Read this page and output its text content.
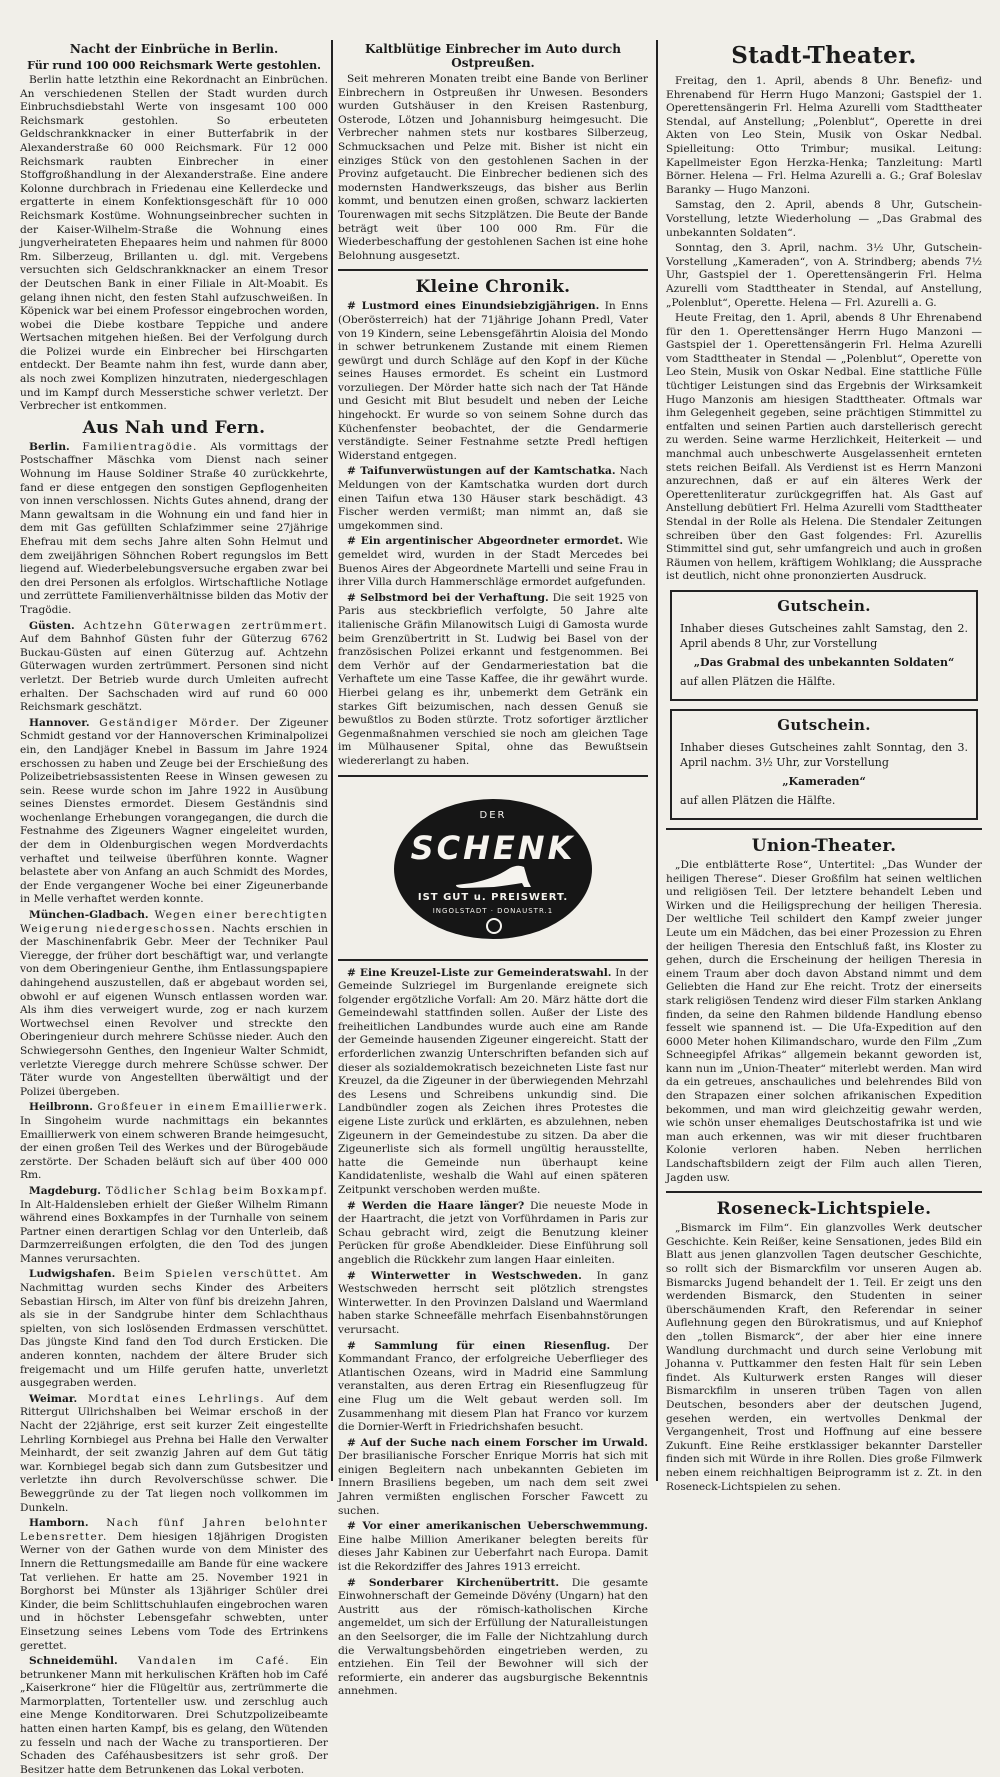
Nacht der Einbrüche in Berlin.
Für rund 100 000 Reichsmark Werte gestohlen.

Berlin hatte letzthin eine Rekordnacht an Einbrüchen. An verschiedenen Stellen der Stadt wurden durch Einbruchsdiebstahl Werte von insgesamt 100 000 Reichsmark gestohlen. So erbeuteten Geldschrankknacker in einer Butterfabrik in der Alexanderstraße 60 000 Reichsmark. Für 12 000 Reichsmark raubten Einbrecher in einer Stoffgroßhandlung in der Alexanderstraße. Eine andere Kolonne durchbrach in Friedenau eine Kellerdecke und ergatterte in einem Konfektionsgeschäft für 10 000 Reichsmark Kostüme. Wohnungseinbrecher suchten in der Kaiser-Wilhelm-Straße die Wohnung eines jungverheirateten Ehepaares heim und nahmen für 8000 Rm. Silberzeug, Brillanten u. dgl. mit. Vergebens versuchten sich Geldschrankknacker an einem Tresor der Deutschen Bank in einer Filiale in Alt-Moabit. Es gelang ihnen nicht, den festen Stahl aufzuschweißen. In Köpenick war bei einem Professor eingebrochen worden, wobei die Diebe kostbare Teppiche und andere Wertsachen mitgehen hießen. Bei der Verfolgung durch die Polizei wurde ein Einbrecher bei Hirschgarten entdeckt. Der Beamte nahm ihn fest, wurde dann aber, als noch zwei Komplizen hinzutraten, niedergeschlagen und im Kampf durch Messerstiche schwer verletzt. Der Verbrecher ist entkommen.

Aus Nah und Fern.

Berlin. Familientragödie. Als vormittags der Postschaffner Mäschka vom Dienst nach seiner Wohnung im Hause Soldiner Straße 40 zurückkehrte, fand er diese entgegen den sonstigen Gepflogenheiten von innen verschlossen. Nichts Gutes ahnend, drang der Mann gewaltsam in die Wohnung ein und fand hier in dem mit Gas gefüllten Schlafzimmer seine 27jährige Ehefrau mit dem sechs Jahre alten Sohn Helmut und dem zweijährigen Söhnchen Robert regungslos im Bett liegend auf. Wiederbelebungsversuche ergaben zwar bei den drei Personen als erfolglos. Wirtschaftliche Notlage und zerrüttete Familienverhältnisse bilden das Motiv der Tragödie.

Güsten. Achtzehn Güterwagen zertrümmert. Auf dem Bahnhof Güsten fuhr der Güterzug 6762 Buckau-Güsten auf einen Güterzug auf. Achtzehn Güterwagen wurden zertrümmert. Personen sind nicht verletzt. Der Betrieb wurde durch Umleiten aufrecht erhalten. Der Sachschaden wird auf rund 60 000 Reichsmark geschätzt.

Hannover. Geständiger Mörder. Der Zigeuner Schmidt gestand vor der Hannoverschen Kriminalpolizei ein, den Landjäger Knebel in Bassum im Jahre 1924 erschossen zu haben und Zeuge bei der Erschießung des Polizeibetriebsassistenten Reese in Winsen gewesen zu sein. Reese wurde schon im Jahre 1922 in Ausübung seines Dienstes ermordet. Diesem Geständnis sind wochenlange Erhebungen vorangegangen, die durch die Festnahme des Zigeuners Wagner eingeleitet wurden, der dem in Oldenburgischen wegen Mordverdachts verhaftet und teilweise überführen konnte. Wagner belastete aber von Anfang an auch Schmidt des Mordes, der Ende vergangener Woche bei einer Zigeunerbande in Melle verhaftet werden konnte.

München-Gladbach. Wegen einer berechtigten Weigerung niedergeschossen. Nachts erschien in der Maschinenfabrik Gebr. Meer der Techniker Paul Vieregge, der früher dort beschäftigt war, und verlangte von dem Oberingenieur Genthe, ihm Entlassungspapiere dahingehend auszustellen, daß er abgebaut worden sei, obwohl er auf eigenen Wunsch entlassen worden war. Als ihm dies verweigert wurde, zog er nach kurzem Wortwechsel einen Revolver und streckte den Oberingenieur durch mehrere Schüsse nieder. Auch den Schwiegersohn Genthes, den Ingenieur Walter Schmidt, verletzte Vieregge durch mehrere Schüsse schwer. Der Täter wurde von Angestellten überwältigt und der Polizei übergeben.

Heilbronn. Großfeuer in einem Emaillierwerk. In Singoheim wurde nachmittags ein bekanntes Emaillierwerk von einem schweren Brande heimgesucht, der einen großen Teil des Werkes und der Bürogebäude zerstörte. Der Schaden beläuft sich auf über 400 000 Rm.

Magdeburg. Tödlicher Schlag beim Boxkampf. In Alt-Haldensleben erhielt der Gießer Wilhelm Rimann während eines Boxkampfes in der Turnhalle von seinem Partner einen derartigen Schlag vor den Unterleib, daß Darmzerreißungen erfolgten, die den Tod des jungen Mannes verursachten.

Ludwigshafen. Beim Spielen verschüttet. Am Nachmittag wurden sechs Kinder des Arbeiters Sebastian Hirsch, im Alter von fünf bis dreizehn Jahren, als sie in der Sandgrube hinter dem Schlachthaus spielten, von sich loslösenden Erdmassen verschüttet. Das jüngste Kind fand den Tod durch Ersticken. Die anderen konnten, nachdem der ältere Bruder sich freigemacht und um Hilfe gerufen hatte, unverletzt ausgegraben werden.

Weimar. Mordtat eines Lehrlings. Auf dem Rittergut Ullrichshalben bei Weimar erschoß in der Nacht der 22jährige, erst seit kurzer Zeit eingestellte Lehrling Kornbiegel aus Prehna bei Halle den Verwalter Meinhardt, der seit zwanzig Jahren auf dem Gut tätig war. Kornbiegel begab sich dann zum Gutsbesitzer und verletzte ihn durch Revolverschüsse schwer. Die Beweggründe zu der Tat liegen noch vollkommen im Dunkeln.

Hamborn. Nach fünf Jahren belohnter Lebensretter. Dem hiesigen 18jährigen Drogisten Werner von der Gathen wurde von dem Minister des Innern die Rettungsmedaille am Bande für eine wackere Tat verliehen. Er hatte am 25. November 1921 in Borghorst bei Münster als 13jähriger Schüler drei Kinder, die beim Schlittschuhlaufen eingebrochen waren und in höchster Lebensgefahr schwebten, unter Einsetzung seines Lebens vom Tode des Ertrinkens gerettet.

Schneidemühl. Vandalen im Café. Ein betrunkener Mann mit herkulischen Kräften hob im Café „Kaiserkrone“ hier die Flügeltür aus, zertrümmerte die Marmorplatten, Tortenteller usw. und zerschlug auch eine Menge Konditorwaren. Drei Schutzpolizeibeamte hatten einen harten Kampf, bis es gelang, den Wütenden zu fesseln und nach der Wache zu transportieren. Der Schaden des Caféhausbesitzers ist sehr groß. Der Besitzer hatte dem Betrunkenen das Lokal verboten.

Kaltblütige Einbrecher im Auto durch Ostpreußen.

Seit mehreren Monaten treibt eine Bande von Berliner Einbrechern in Ostpreußen ihr Unwesen. Besonders wurden Gutshäuser in den Kreisen Rastenburg, Osterode, Lötzen und Johannisburg heimgesucht. Die Verbrecher nahmen stets nur kostbares Silberzeug, Schmucksachen und Pelze mit. Bisher ist nicht ein einziges Stück von den gestohlenen Sachen in der Provinz aufgetaucht. Die Einbrecher bedienen sich des modernsten Handwerkszeugs, das bisher aus Berlin kommt, und benutzen einen großen, schwarz lackierten Tourenwagen mit sechs Sitzplätzen. Die Beute der Bande beträgt weit über 100 000 Rm. Für die Wiederbeschaffung der gestohlenen Sachen ist eine hohe Belohnung ausgesetzt.

Kleine Chronik.

# Lustmord eines Einundsiebzigjährigen. In Enns (Oberösterreich) hat der 71jährige Johann Predl, Vater von 19 Kindern, seine Lebensgefährtin Aloisia del Mondo in schwer betrunkenem Zustande mit einem Riemen gewürgt und durch Schläge auf den Kopf in der Küche seines Hauses ermordet. Es scheint ein Lustmord vorzuliegen. Der Mörder hatte sich nach der Tat Hände und Gesicht mit Blut besudelt und neben der Leiche hingehockt. Er wurde so von seinem Sohne durch das Küchenfenster beobachtet, der die Gendarmerie verständigte. Seiner Festnahme setzte Predl heftigen Widerstand entgegen.

# Taifunverwüstungen auf der Kamtschatka. Nach Meldungen von der Kamtschatka wurden dort durch einen Taifun etwa 130 Häuser stark beschädigt. 43 Fischer werden vermißt; man nimmt an, daß sie umgekommen sind.

# Ein argentinischer Abgeordneter ermordet. Wie gemeldet wird, wurden in der Stadt Mercedes bei Buenos Aires der Abgeordnete Martelli und seine Frau in ihrer Villa durch Hammerschläge ermordet aufgefunden.

# Selbstmord bei der Verhaftung. Die seit 1925 von Paris aus steckbrieflich verfolgte, 50 Jahre alte italienische Gräfin Milanowitsch Luigi di Gamosta wurde beim Grenzübertritt in St. Ludwig bei Basel von der französischen Polizei erkannt und festgenommen. Bei dem Verhör auf der Gendarmeriestation bat die Verhaftete um eine Tasse Kaffee, die ihr gewährt wurde. Hierbei gelang es ihr, unbemerkt dem Getränk ein starkes Gift beizumischen, nach dessen Genuß sie bewußtlos zu Boden stürzte. Trotz sofortiger ärztlicher Gegenmaßnahmen verschied sie noch am gleichen Tage im Mülhausener Spital, ohne das Bewußtsein wiedererlangt zu haben.

DER
SCHENK
IST GUT u. PREISWERT.
INGOLSTADT · DONAUSTR.1

# Eine Kreuzel-Liste zur Gemeinderatswahl. In der Gemeinde Sulzriegel im Burgenlande ereignete sich folgender ergötzliche Vorfall: Am 20. März hätte dort die Gemeindewahl stattfinden sollen. Außer der Liste des freiheitlichen Landbundes wurde auch eine am Rande der Gemeinde hausenden Zigeuner eingereicht. Statt der erforderlichen zwanzig Unterschriften befanden sich auf dieser als sozialdemokratisch bezeichneten Liste fast nur Kreuzel, da die Zigeuner in der überwiegenden Mehrzahl des Lesens und Schreibens unkundig sind. Die Landbündler zogen als Zeichen ihres Protestes die eigene Liste zurück und erklärten, es abzulehnen, neben Zigeunern in der Gemeindestube zu sitzen. Da aber die Zigeunerliste sich als formell ungültig herausstellte, hatte die Gemeinde nun überhaupt keine Kandidatenliste, weshalb die Wahl auf einen späteren Zeitpunkt verschoben werden mußte.

# Werden die Haare länger? Die neueste Mode in der Haartracht, die jetzt von Vorführdamen in Paris zur Schau gebracht wird, zeigt die Benutzung kleiner Perücken für große Abendkleider. Diese Einführung soll angeblich die Rückkehr zum langen Haar einleiten.

# Winterwetter in Westschweden. In ganz Westschweden herrscht seit plötzlich strengstes Winterwetter. In den Provinzen Dalsland und Waermland haben starke Schneefälle mehrfach Eisenbahnstörungen verursacht.

# Sammlung für einen Riesenflug. Der Kommandant Franco, der erfolgreiche Ueberflieger des Atlantischen Ozeans, wird in Madrid eine Sammlung veranstalten, aus deren Ertrag ein Riesenflugzeug für eine Flug um die Welt gebaut werden soll. Im Zusammenhang mit diesem Plan hat Franco vor kurzem die Dornier-Werft in Friedrichshafen besucht.

# Auf der Suche nach einem Forscher im Urwald. Der brasilianische Forscher Enrique Morris hat sich mit einigen Begleitern nach unbekannten Gebieten im Innern Brasiliens begeben, um nach dem seit zwei Jahren vermißten englischen Forscher Fawcett zu suchen.

# Vor einer amerikanischen Ueberschwemmung. Eine halbe Million Amerikaner belegten bereits für dieses Jahr Kabinen zur Ueberfahrt nach Europa. Damit ist die Rekordziffer des Jahres 1913 erreicht.

# Sonderbarer Kirchenübertritt. Die gesamte Einwohnerschaft der Gemeinde Dövény (Ungarn) hat den Austritt aus der römisch-katholischen Kirche angemeldet, um sich der Erfüllung der Naturalleistungen an den Seelsorger, die im Falle der Nichtzahlung durch die Verwaltungsbehörden eingetrieben werden, zu entziehen. Ein Teil der Bewohner will sich der reformierte, ein anderer das augsburgische Bekenntnis annehmen.

Stadt-Theater.

Freitag, den 1. April, abends 8 Uhr. Benefiz- und Ehrenabend für Herrn Hugo Manzoni; Gastspiel der 1. Operettensängerin Frl. Helma Azurelli vom Stadttheater Stendal, auf Anstellung; „Polenblut“, Operette in drei Akten von Leo Stein, Musik von Oskar Nedbal. Spielleitung: Otto Trimbur; musikal. Leitung: Kapellmeister Egon Herzka-Henka; Tanzleitung: Martl Börner. Helena — Frl. Helma Azurelli a. G.; Graf Boleslav Baranky — Hugo Manzoni.

Samstag, den 2. April, abends 8 Uhr, Gutschein-Vorstellung, letzte Wiederholung — „Das Grabmal des unbekannten Soldaten“.

Sonntag, den 3. April, nachm. 3½ Uhr, Gutschein-Vorstellung „Kameraden“, von A. Strindberg; abends 7½ Uhr, Gastspiel der 1. Operettensängerin Frl. Helma Azurelli vom Stadttheater in Stendal, auf Anstellung, „Polenblut“, Operette. Helena — Frl. Azurelli a. G.

Heute Freitag, den 1. April, abends 8 Uhr Ehrenabend für den 1. Operettensänger Herrn Hugo Manzoni — Gastspiel der 1. Operettensängerin Frl. Helma Azurelli vom Stadttheater in Stendal — „Polenblut“, Operette von Leo Stein, Musik von Oskar Nedbal. Eine stattliche Fülle tüchtiger Leistungen sind das Ergebnis der Wirksamkeit Hugo Manzonis am hiesigen Stadttheater. Oftmals war ihm Gelegenheit gegeben, seine prächtigen Stimmittel zu entfalten und seinen Partien auch darstellerisch gerecht zu werden. Seine warme Herzlichkeit, Heiterkeit — und manchmal auch unbeschwerte Ausgelassenheit ernteten stets reichen Beifall. Als Verdienst ist es Herrn Manzoni anzurechnen, daß er auf ein älteres Werk der Operettenliteratur zurückgegriffen hat. Als Gast auf Anstellung debütiert Frl. Helma Azurelli vom Stadttheater Stendal in der Rolle als Helena. Die Stendaler Zeitungen schreiben über den Gast folgendes: Frl. Azurellis Stimmittel sind gut, sehr umfangreich und auch in großen Räumen von hellem, kräftigem Wohlklang; die Aussprache ist deutlich, nicht ohne prononzierten Ausdruck.

Gutschein.

Inhaber dieses Gutscheines zahlt Samstag, den 2. April abends 8 Uhr, zur Vorstellung

„Das Grabmal des unbekannten Soldaten“

auf allen Plätzen die Hälfte.

Gutschein.

Inhaber dieses Gutscheines zahlt Sonntag, den 3. April nachm. 3½ Uhr, zur Vorstellung

„Kameraden“

auf allen Plätzen die Hälfte.

Union-Theater.

„Die entblätterte Rose“, Untertitel: „Das Wunder der heiligen Therese“. Dieser Großfilm hat seinen weltlichen und religiösen Teil. Der letztere behandelt Leben und Wirken und die Heiligsprechung der heiligen Theresia. Der weltliche Teil schildert den Kampf zweier junger Leute um ein Mädchen, das bei einer Prozession zu Ehren der heiligen Theresia den Entschluß faßt, ins Kloster zu gehen, durch die Erscheinung der heiligen Theresia in einem Traum aber doch davon Abstand nimmt und dem Geliebten die Hand zur Ehe reicht. Trotz der einerseits stark religiösen Tendenz wird dieser Film starken Anklang finden, da seine den Rahmen bildende Handlung ebenso fesselt wie spannend ist. — Die Ufa-Expedition auf den 6000 Meter hohen Kilimandscharo, wurde den Film „Zum Schneegipfel Afrikas“ allgemein bekannt geworden ist, kann nun im „Union-Theater“ miterlebt werden. Man wird da ein getreues, anschauliches und belehrendes Bild von den Strapazen einer solchen afrikanischen Expedition bekommen, und man wird gleichzeitig gewahr werden, wie schön unser ehemaliges Deutschostafrika ist und wie man auch erkennen, was wir mit dieser fruchtbaren Kolonie verloren haben. Neben herrlichen Landschaftsbildern zeigt der Film auch allen Tieren, Jagden usw.

Roseneck-Lichtspiele.

„Bismarck im Film“. Ein glanzvolles Werk deutscher Geschichte. Kein Reißer, keine Sensationen, jedes Bild ein Blatt aus jenen glanzvollen Tagen deutscher Geschichte, so rollt sich der Bismarckfilm vor unseren Augen ab. Bismarcks Jugend behandelt der 1. Teil. Er zeigt uns den werdenden Bismarck, den Studenten in seiner überschäumenden Kraft, den Referendar in seiner Auflehnung gegen den Bürokratismus, und auf Kniephof den „tollen Bismarck“, der aber hier eine innere Wandlung durchmacht und durch seine Verlobung mit Johanna v. Puttkammer den festen Halt für sein Leben findet. Als Kulturwerk ersten Ranges will dieser Bismarckfilm in unseren trüben Tagen von allen Deutschen, besonders aber der deutschen Jugend, gesehen werden, ein wertvolles Denkmal der Vergangenheit, Trost und Hoffnung auf eine bessere Zukunft. Eine Reihe erstklassiger bekannter Darsteller finden sich mit Würde in ihre Rollen. Dies große Filmwerk neben einem reichhaltigen Beiprogramm ist z. Zt. in den Roseneck-Lichtspielen zu sehen.
